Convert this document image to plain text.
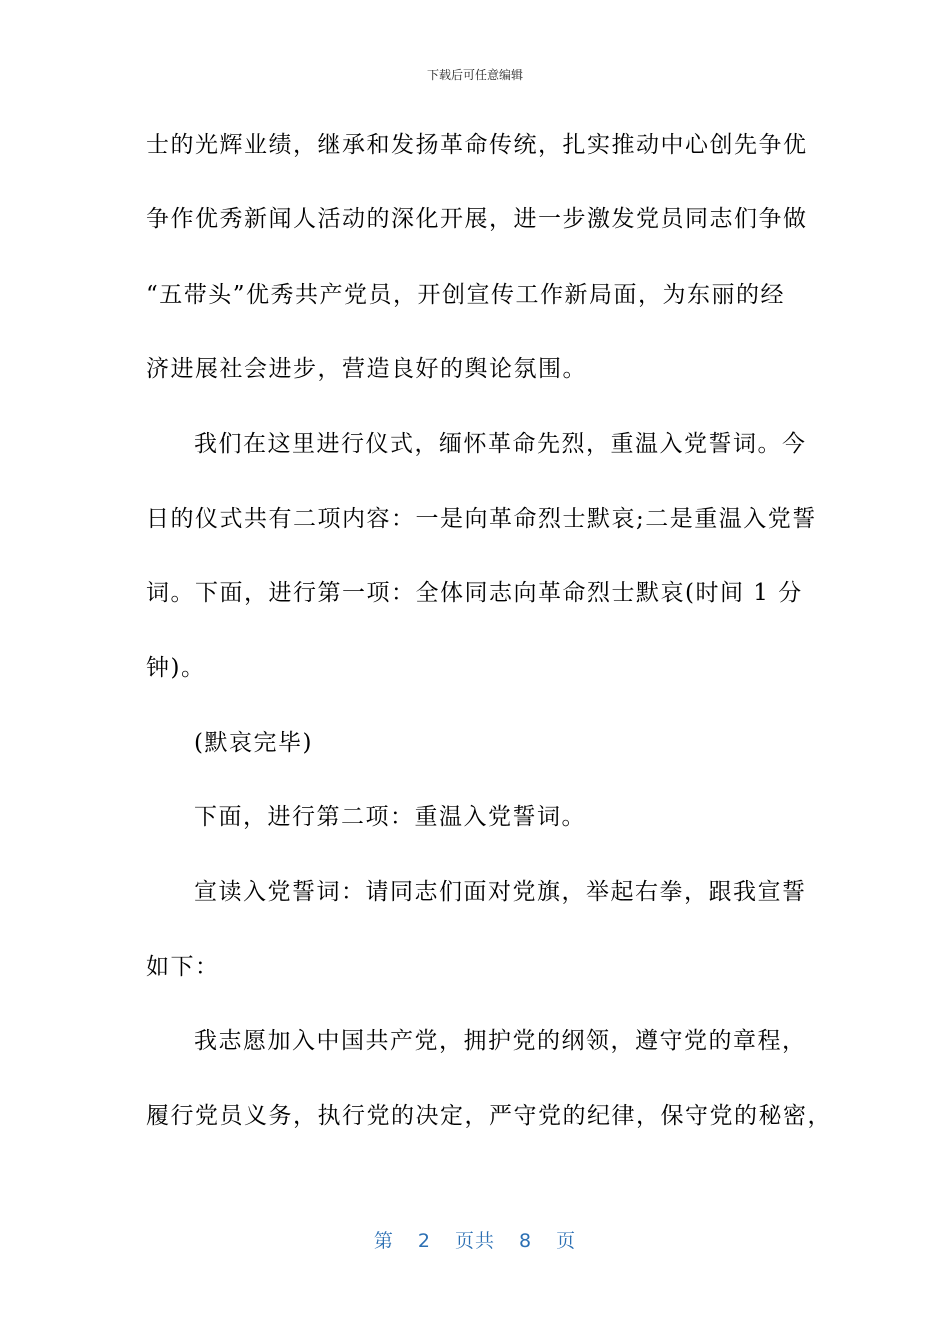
下载后可任意编辑
士的光辉业绩，继承和发扬革命传统，扎实推动中心创先争优
争作优秀新闻人活动的深化开展，进一步激发党员同志们争做
“五带头”优秀共产党员，开创宣传工作新局面，为东丽的经
济进展社会进步，营造良好的舆论氛围。
我们在这里进行仪式，缅怀革命先烈，重温入党誓词。今
日的仪式共有二项内容：一是向革命烈士默哀;二是重温入党誓
词。下面，进行第一项：全体同志向革命烈士默哀(时间 1 分
钟)。
(默哀完毕)
下面，进行第二项：重温入党誓词。
宣读入党誓词：请同志们面对党旗，举起右拳，跟我宣誓
如下：
我志愿加入中国共产党，拥护党的纲领，遵守党的章程，
履行党员义务，执行党的决定，严守党的纪律，保守党的秘密，
第 2 页共 8 页
